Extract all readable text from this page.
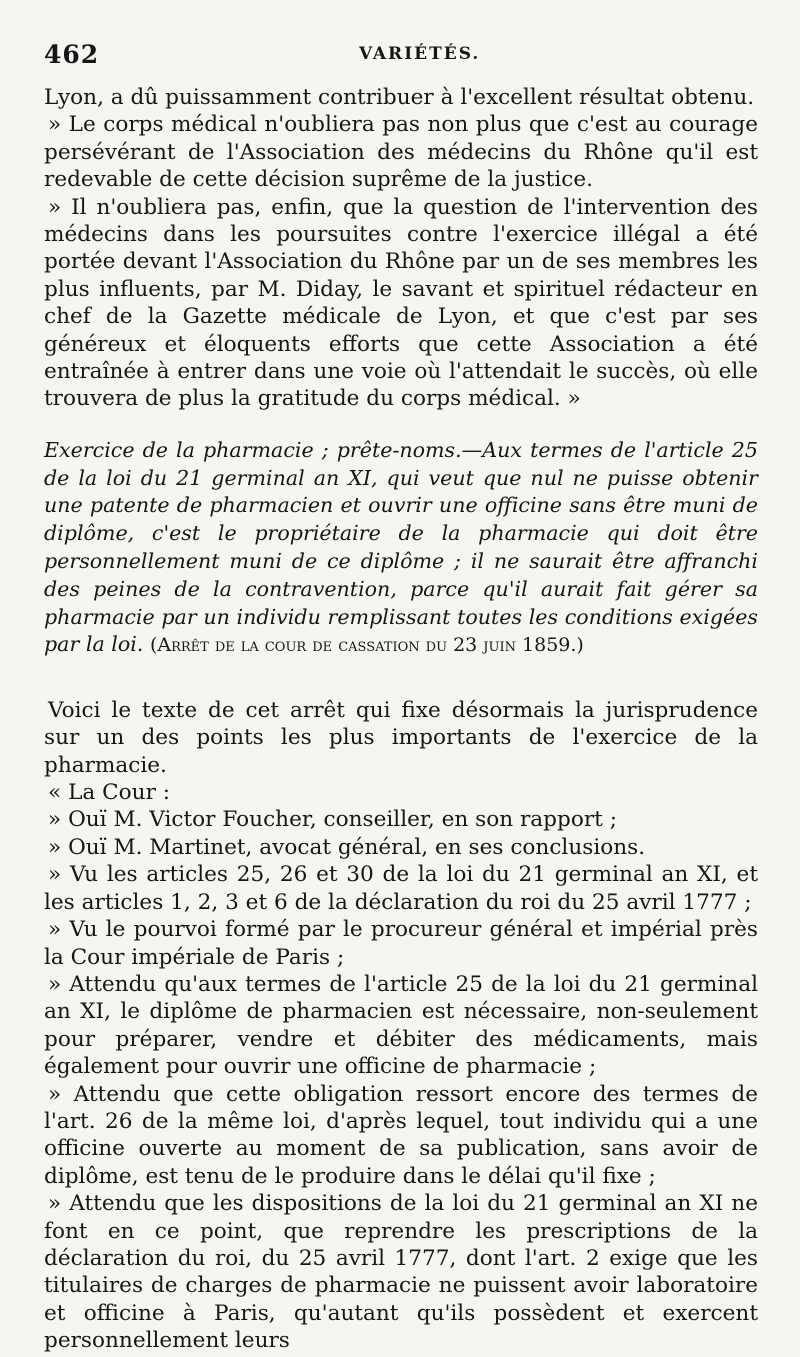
462	VARIÉTÉS.

Lyon, a dû puissamment contribuer à l'excellent résultat obtenu.

» Le corps médical n'oubliera pas non plus que c'est au courage persévérant de l'Association des médecins du Rhône qu'il est redevable de cette décision suprême de la justice.

» Il n'oubliera pas, enfin, que la question de l'intervention des médecins dans les poursuites contre l'exercice illégal a été portée devant l'Association du Rhône par un de ses membres les plus influents, par M. Diday, le savant et spirituel rédacteur en chef de la Gazette médicale de Lyon, et que c'est par ses généreux et éloquents efforts que cette Association a été entraînée à entrer dans une voie où l'attendait le succès, où elle trouvera de plus la gratitude du corps médical. »

Exercice de la pharmacie ; prête-noms.—Aux termes de l'article 25 de la loi du 21 germinal an XI, qui veut que nul ne puisse obtenir une patente de pharmacien et ouvrir une officine sans être muni de diplôme, c'est le propriétaire de la pharmacie qui doit être personnellement muni de ce diplôme ; il ne saurait être affranchi des peines de la contravention, parce qu'il aurait fait gérer sa pharmacie par un individu remplissant toutes les conditions exigées par la loi. (Arrêt de la cour de cassation du 23 juin 1859.)

Voici le texte de cet arrêt qui fixe désormais la jurisprudence sur un des points les plus importants de l'exercice de la pharmacie.

« La Cour :

» Ouï M. Victor Foucher, conseiller, en son rapport ;

» Ouï M. Martinet, avocat général, en ses conclusions.

» Vu les articles 25, 26 et 30 de la loi du 21 germinal an XI, et les articles 1, 2, 3 et 6 de la déclaration du roi du 25 avril 1777 ;

» Vu le pourvoi formé par le procureur général et impérial près la Cour impériale de Paris ;

» Attendu qu'aux termes de l'article 25 de la loi du 21 germinal an XI, le diplôme de pharmacien est nécessaire, non-seulement pour préparer, vendre et débiter des médicaments, mais également pour ouvrir une officine de pharmacie ;

» Attendu que cette obligation ressort encore des termes de l'art. 26 de la même loi, d'après lequel, tout individu qui a une officine ouverte au moment de sa publication, sans avoir de diplôme, est tenu de le produire dans le délai qu'il fixe ;

» Attendu que les dispositions de la loi du 21 germinal an XI ne font en ce point, que reprendre les prescriptions de la déclaration du roi, du 25 avril 1777, dont l'art. 2 exige que les titulaires de charges de pharmacie ne puissent avoir laboratoire et officine à Paris, qu'autant qu'ils possèdent et exercent personnellement leurs
